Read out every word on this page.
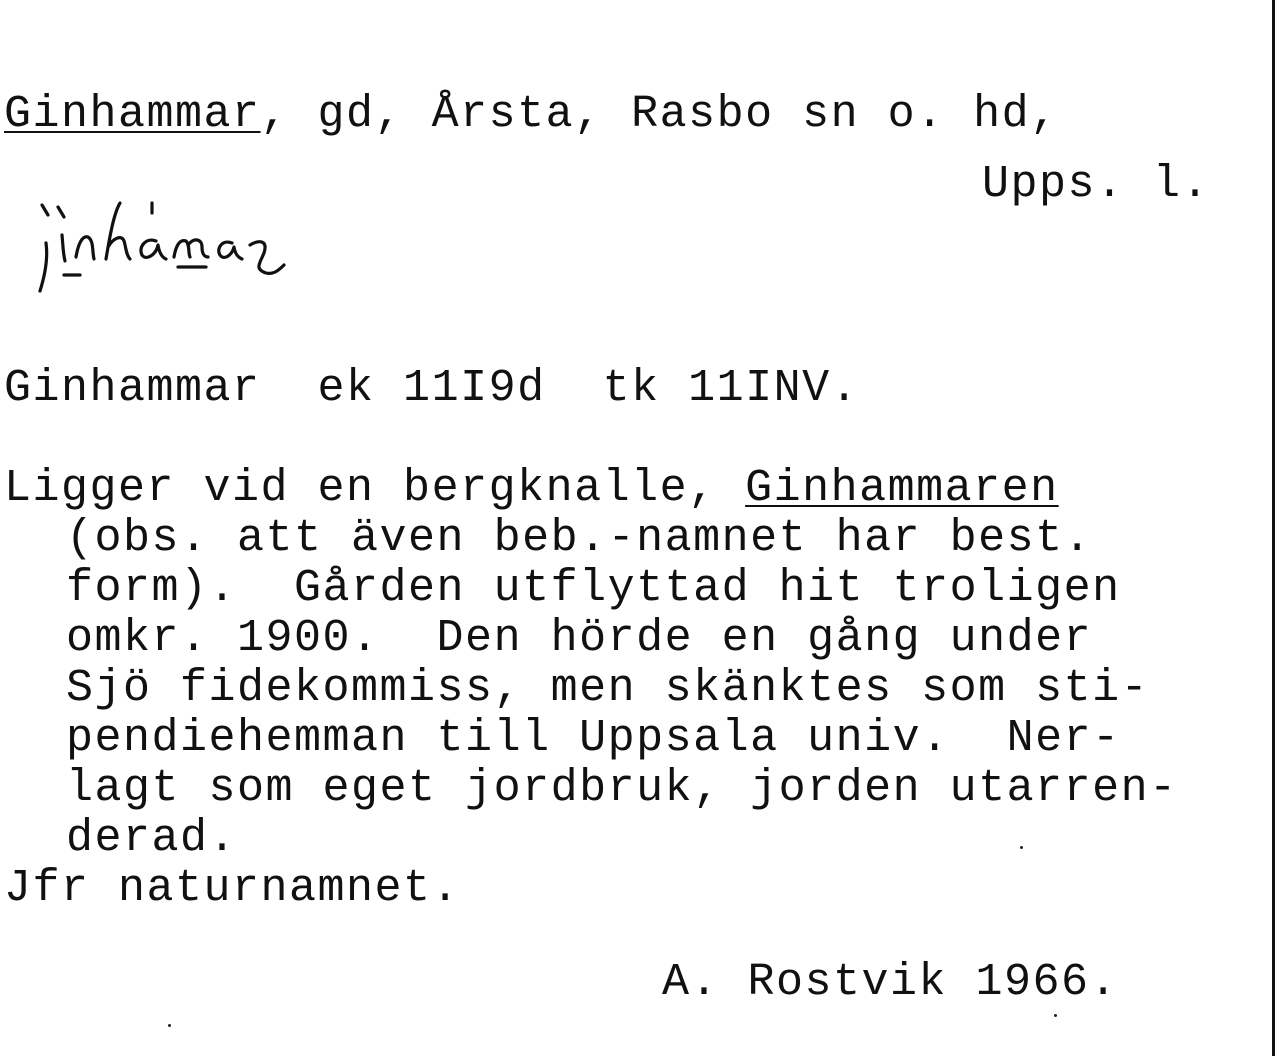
Ginhammar, gd, Årsta, Rasbo sn o. hd,
Upps. l.
Ginhammar  ek 11I9d  tk 11INV.
Ligger vid en bergknalle, Ginhammaren
(obs. att även beb.-namnet har best.
form).  Gården utflyttad hit troligen
omkr. 1900.  Den hörde en gång under
Sjö fidekommiss, men skänktes som sti-
pendiehemman till Uppsala univ.  Ner-
lagt som eget jordbruk, jorden utarren-
derad.
Jfr naturnamnet.
A. Rostvik 1966.
